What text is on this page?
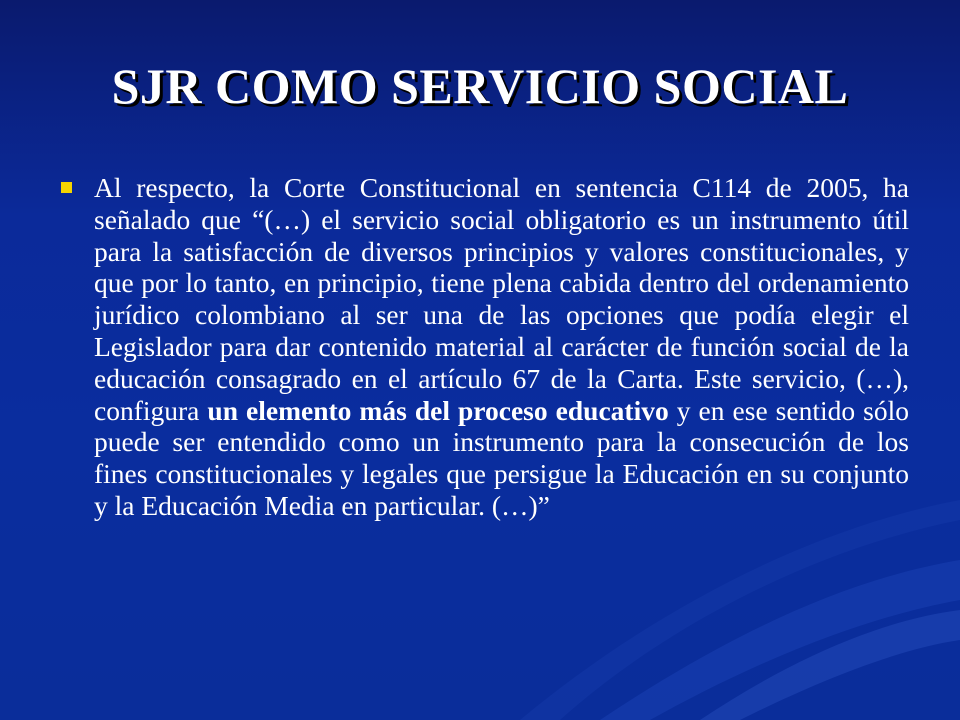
SJR COMO SERVICIO SOCIAL

Al respecto, la Corte Constitucional en sentencia C114 de 2005, ha señalado que “(…) el servicio social obligatorio es un instrumento útil para la satisfacción de diversos principios y valores constitucionales, y que por lo tanto, en principio, tiene plena cabida dentro del ordenamiento jurídico colombiano al ser una de las opciones que podía elegir el Legislador para dar contenido material al carácter de función social de la educación consagrado en el artículo 67 de la Carta. Este servicio, (…), configura un elemento más del proceso educativo y en ese sentido sólo puede ser entendido como un instrumento para la consecución de los fines constitucionales y legales que persigue la Educación en su conjunto y la Educación Media en particular. (…)”
